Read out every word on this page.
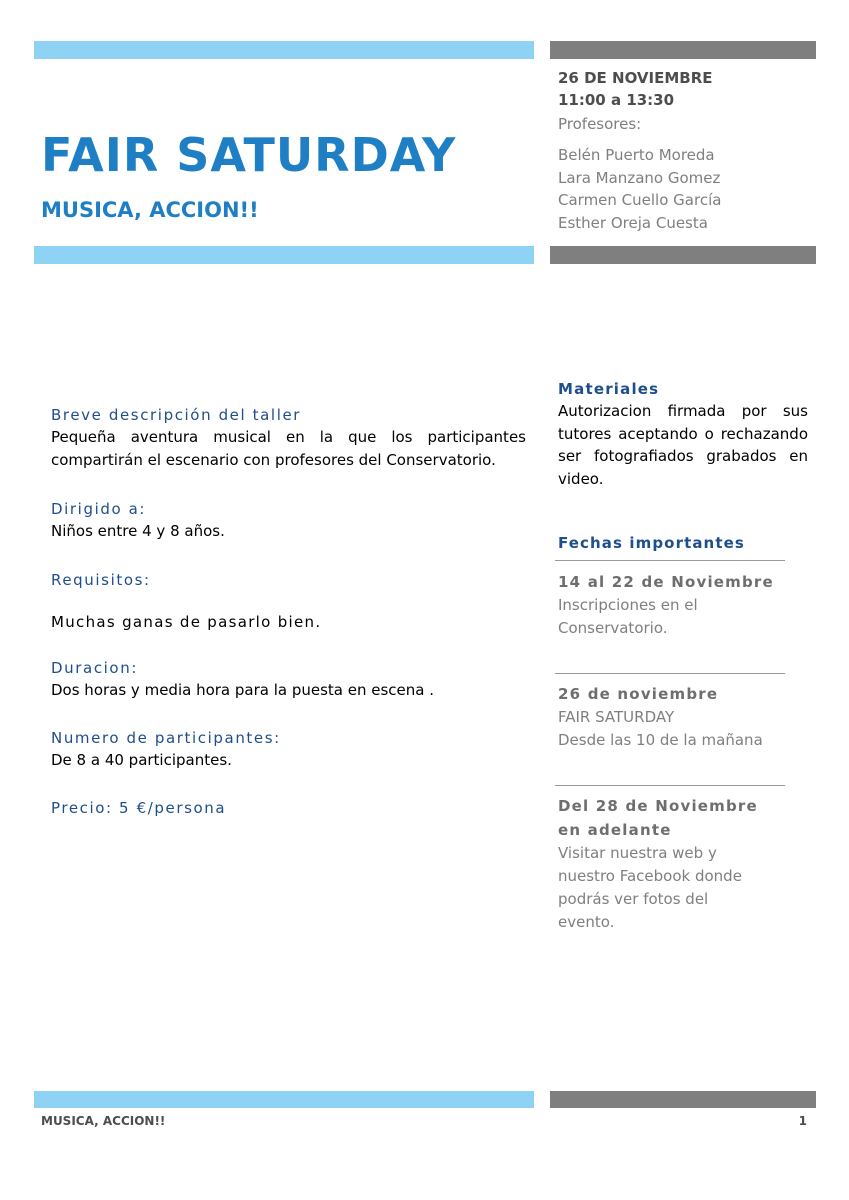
FAIR SATURDAY
MUSICA, ACCION!!
26 DE NOVIEMBRE
11:00 a 13:30
Profesores:
Belén Puerto Moreda
Lara Manzano Gomez
Carmen Cuello García
Esther Oreja Cuesta
Breve descripción del taller
Pequeña aventura musical en la que los participantes compartirán el escenario con profesores del Conservatorio.
Dirigido a:
Niños entre 4 y 8 años.
Requisitos:
Muchas ganas de pasarlo bien.
Duracion:
Dos horas y media hora para la puesta en escena .
Numero de participantes:
De 8 a 40 participantes.
Precio: 5 €/persona
Materiales
Autorizacion firmada por sus tutores aceptando o rechazando ser fotografiados grabados en video.
Fechas importantes
14 al 22 de Noviembre
Inscripciones en el
Conservatorio.
26 de noviembre
FAIR SATURDAY
Desde las 10 de la mañana
Del 28 de Noviembre
en adelante
Visitar nuestra web y
nuestro Facebook donde
podrás ver fotos del
evento.
MUSICA, ACCION!!	1
